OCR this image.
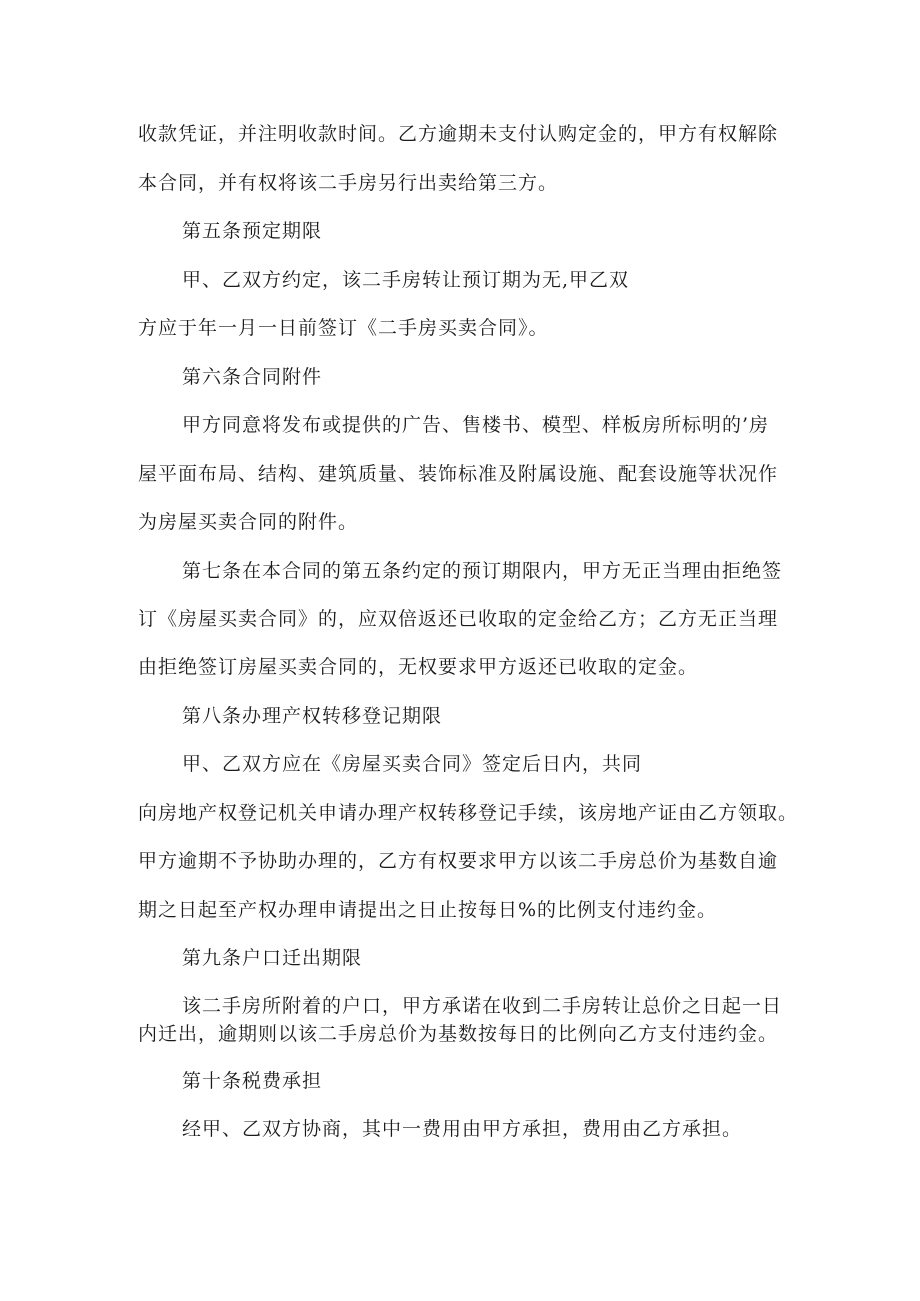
收款凭证，并注明收款时间。乙方逾期未支付认购定金的，甲方有权解除
本合同，并有权将该二手房另行出卖给第三方。
第五条预定期限
甲、乙双方约定，该二手房转让预订期为无,甲乙双
方应于年一月一日前签订《二手房买卖合同》。
第六条合同附件
甲方同意将发布或提供的广告、售楼书、模型、样板房所标明的’房
屋平面布局、结构、建筑质量、装饰标准及附属设施、配套设施等状况作
为房屋买卖合同的附件。
第七条在本合同的第五条约定的预订期限内，甲方无正当理由拒绝签
订《房屋买卖合同》的，应双倍返还已收取的定金给乙方；乙方无正当理
由拒绝签订房屋买卖合同的，无权要求甲方返还已收取的定金。
第八条办理产权转移登记期限
甲、乙双方应在《房屋买卖合同》签定后日内，共同
向房地产权登记机关申请办理产权转移登记手续，该房地产证由乙方领取。
甲方逾期不予协助办理的，乙方有权要求甲方以该二手房总价为基数自逾
期之日起至产权办理申请提出之日止按每日%的比例支付违约金。
第九条户口迁出期限
该二手房所附着的户口，甲方承诺在收到二手房转让总价之日起一日
内迁出，逾期则以该二手房总价为基数按每日的比例向乙方支付违约金。
第十条税费承担
经甲、乙双方协商，其中一费用由甲方承担，费用由乙方承担。
